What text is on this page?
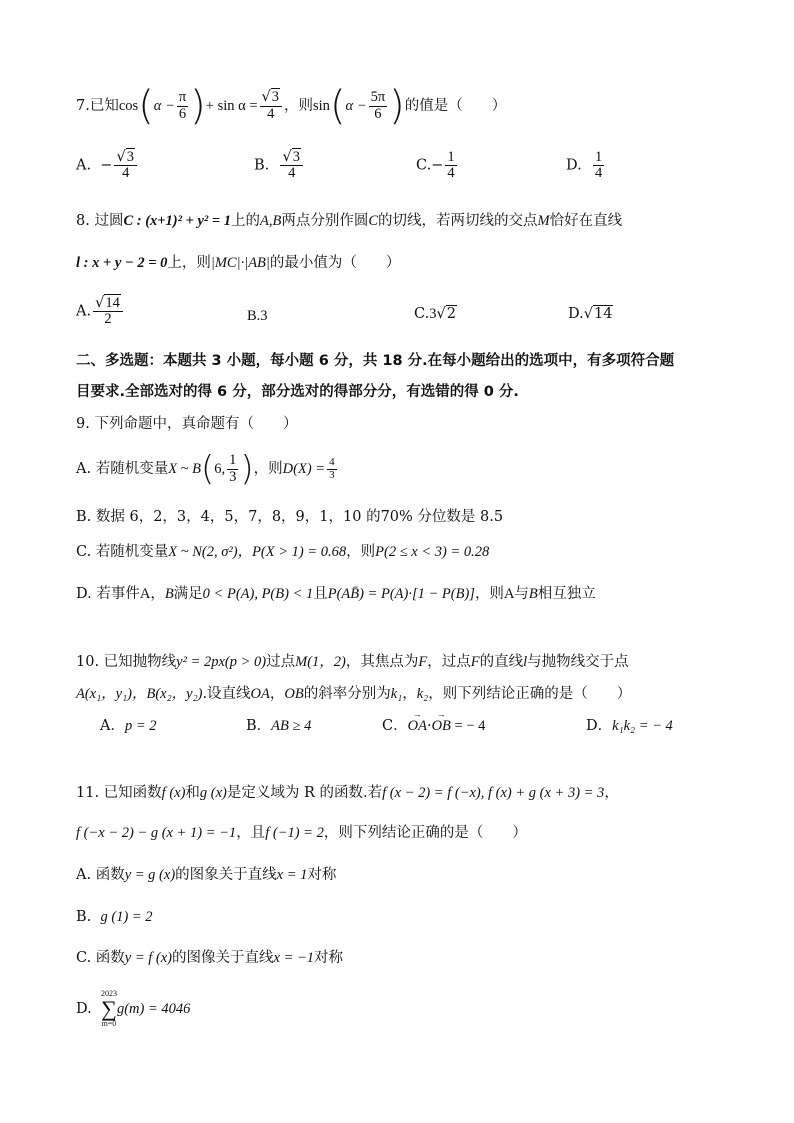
7.已知$\cos(\alpha - \frac{\pi}{6}$ )+ $\sin \alpha = \frac{√3}{4}$ ，则$\sin(\alpha - \frac{5\pi}{6}$ )的值是（　　）
A.  − $\frac{√3}{4}$	B. $\frac{√3}{4}$	$C.- \frac{1}{4}$	D. $\frac{1}{4}$
8. 过圆C : (x+1)² + y² = 1上的A,B两点分别作圆C的切线，若两切线的交点M恰好在直线
l : x + y − 2 = 0上，则|MC|·|AB|的最小值为（　　）
A. $\frac{√14}{2}$	B.3	C.3√2	D.√14
二、多选题：本题共 3 小题，每小题 6 分，共 18 分.在每小题给出的选项中，有多项符合题
目要求.全部选对的得 6 分，部分选对的得部分分，有选错的得 0 分.
9. 下列命题中，真命题有（　　）
A. 若随机变量X ~ B(6, $\frac{1}{3}$ )，则$D(X) = \frac{4}{3}$
B. 数据 6，2，3，4，5，7，8，9，1，10 的70% 分位数是 8.5
C. 若随机变量X ~ N(2, σ²)，P(X > 1) = 0.68，则P(2 ≤ x < 3) = 0.28
D. 若事件A，B满足0 < P(A), P(B) < 1且P(AB̄) = P(A)·[1 − P(B)]，则A与B相互独立
10. 已知抛物线y² = 2px(p > 0)过点M(1，2)，其焦点为F，过点F的直线l与抛物线交于点
A(x₁，y₁)，B(x₂，y₂).设直线OA，OB的斜率分别为k₁，k₂，则下列结论正确的是（　　）
A．p = 2	B．AB ≥ 4	C．→ OA·→ OB = − 4	D．k₁k₂ = − 4
11. 已知函数f (x)和g (x)是定义域为 R 的函数.若f (x − 2) = f (−x), f (x) + g (x + 3) = 3，
f (−x − 2) − g (x + 1) = −1，且f (−1) = 2，则下列结论正确的是（　　）
A. 函数y = g (x)的图象关于直线x = 1对称
B. g (1) = 2
C. 函数y = f (x)的图像关于直线x = −1对称
D.
2023
∑
m=0
g(m) = 4046
